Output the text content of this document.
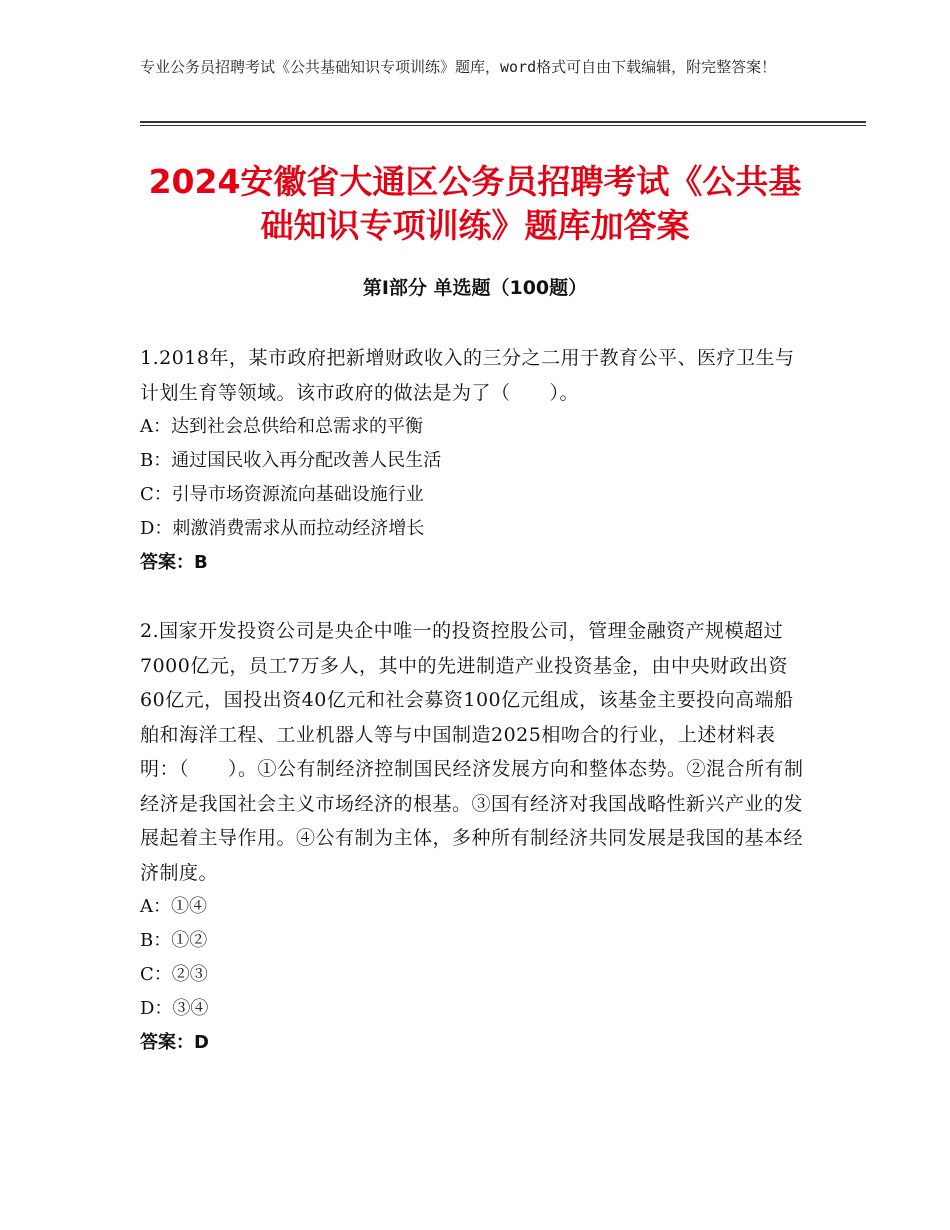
专业公务员招聘考试《公共基础知识专项训练》题库，word格式可自由下载编辑，附完整答案！
2024安徽省大通区公务员招聘考试《公共基
础知识专项训练》题库加答案
第Ⅰ部分 单选题（100题）
1.2018年，某市政府把新增财政收入的三分之二用于教育公平、医疗卫生与计划生育等领域。该市政府的做法是为了（　　）。
A：达到社会总供给和总需求的平衡
B：通过国民收入再分配改善人民生活
C：引导市场资源流向基础设施行业
D：刺激消费需求从而拉动经济增长
答案：B
2.国家开发投资公司是央企中唯一的投资控股公司，管理金融资产规模超过7000亿元，员工7万多人，其中的先进制造产业投资基金，由中央财政出资60亿元，国投出资40亿元和社会募资100亿元组成，该基金主要投向高端船舶和海洋工程、工业机器人等与中国制造2025相吻合的行业，上述材料表明：（　　）。①公有制经济控制国民经济发展方向和整体态势。②混合所有制经济是我国社会主义市场经济的根基。③国有经济对我国战略性新兴产业的发展起着主导作用。④公有制为主体，多种所有制经济共同发展是我国的基本经济制度。
A：①④
B：①②
C：②③
D：③④
答案：D
